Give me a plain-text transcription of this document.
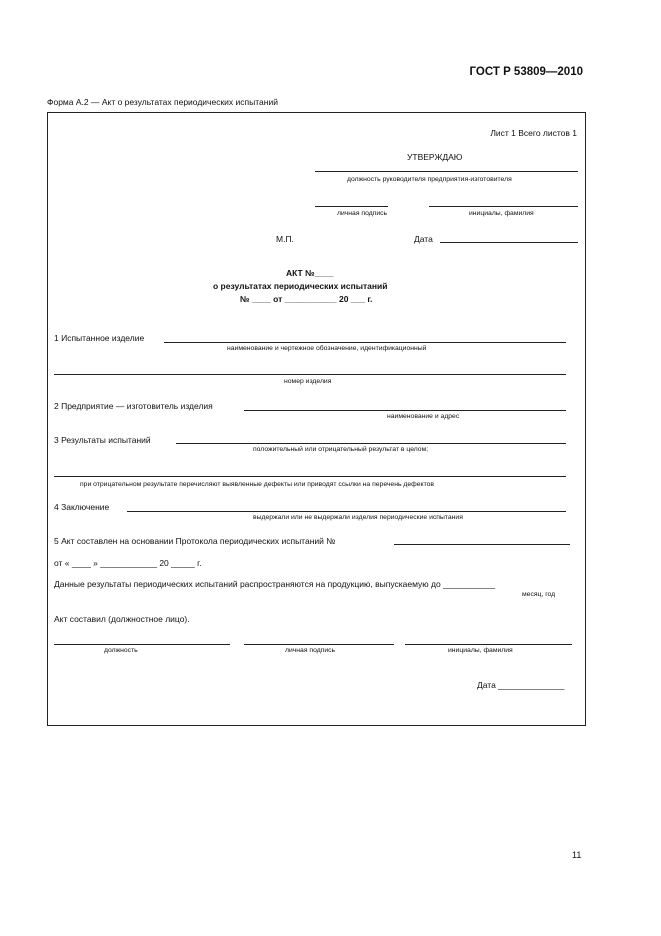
ГОСТ Р 53809—2010
Форма А.2 — Акт о результатах периодических испытаний
Лист 1 Всего листов 1
УТВЕРЖДАЮ
должность руководителя предприятия-изготовителя
личная подпись	инициалы, фамилия
М.П.	Дата
АКТ №____
о результатах периодических испытаний
№ ____ от ___________ 20 ___ г.
1 Испытанное изделие
наименование и чертежное обозначение, идентификационный
номер изделия
2 Предприятие — изготовитель изделия
наименование и адрес
3 Результаты испытаний
положительный или отрицательный результат в целом;
при отрицательном результате перечисляют выявленные дефекты или приводят ссылки на перечень дефектов
4 Заключение
выдержали или не выдержали изделия периодические испытания
5 Акт составлен на основании Протокола периодических испытаний №
от « ____ » ____________ 20 _____ г.
Данные результаты периодических испытаний распространяются на продукцию, выпускаемую до ___________
месяц, год
Акт составил (должностное лицо).
должность	личная подпись	инициалы, фамилия
Дата ______________
11
